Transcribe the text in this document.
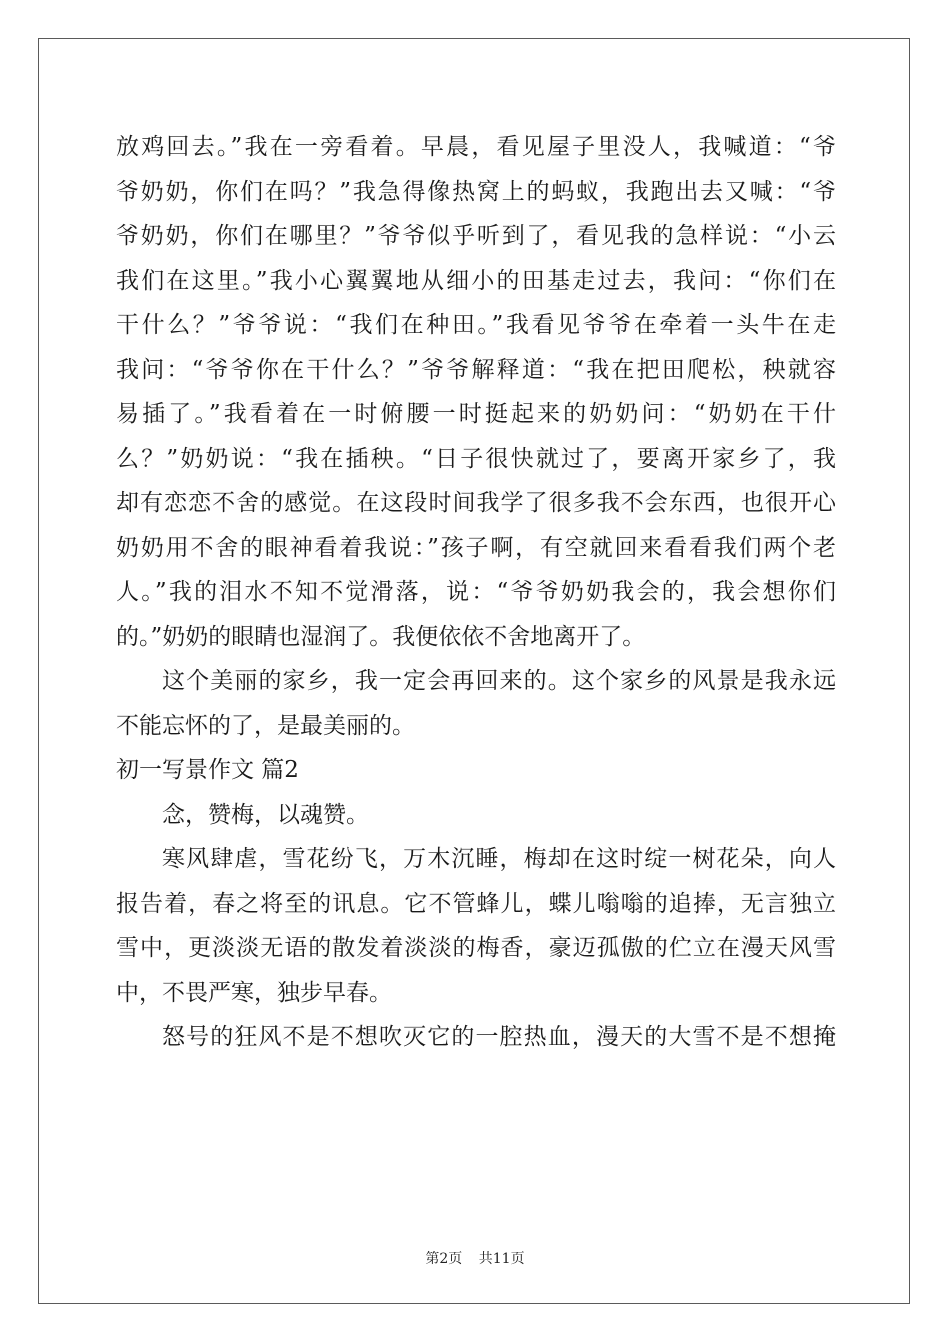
放鸡回去。”我在一旁看着。早晨，看见屋子里没人，我喊道：“爷
爷奶奶，你们在吗？”我急得像热窝上的蚂蚁，我跑出去又喊：“爷
爷奶奶，你们在哪里？”爷爷似乎听到了，看见我的急样说：“小云
我们在这里。”我小心翼翼地从细小的田基走过去，我问：“你们在
干什么？”爷爷说：“我们在种田。”我看见爷爷在牵着一头牛在走
我问：“爷爷你在干什么？”爷爷解释道：“我在把田爬松，秧就容
易插了。”我看着在一时俯腰一时挺起来的奶奶问：“奶奶在干什
么？”奶奶说：“我在插秧。“日子很快就过了，要离开家乡了，我
却有恋恋不舍的感觉。在这段时间我学了很多我不会东西，也很开心
奶奶用不舍的眼神看着我说：”孩子啊，有空就回来看看我们两个老
人。”我的泪水不知不觉滑落，说：“爷爷奶奶我会的，我会想你们
的。”奶奶的眼睛也湿润了。我便依依不舍地离开了。
这个美丽的家乡，我一定会再回来的。这个家乡的风景是我永远
不能忘怀的了，是最美丽的。
初一写景作文 篇2
念，赞梅，以魂赞。
寒风肆虐，雪花纷飞，万木沉睡，梅却在这时绽一树花朵，向人
报告着，春之将至的讯息。它不管蜂儿，蝶儿嗡嗡的追捧，无言独立
雪中，更淡淡无语的散发着淡淡的梅香，豪迈孤傲的伫立在漫天风雪
中，不畏严寒，独步早春。
怒号的狂风不是不想吹灭它的一腔热血，漫天的大雪不是不想掩
第2页 共11页
